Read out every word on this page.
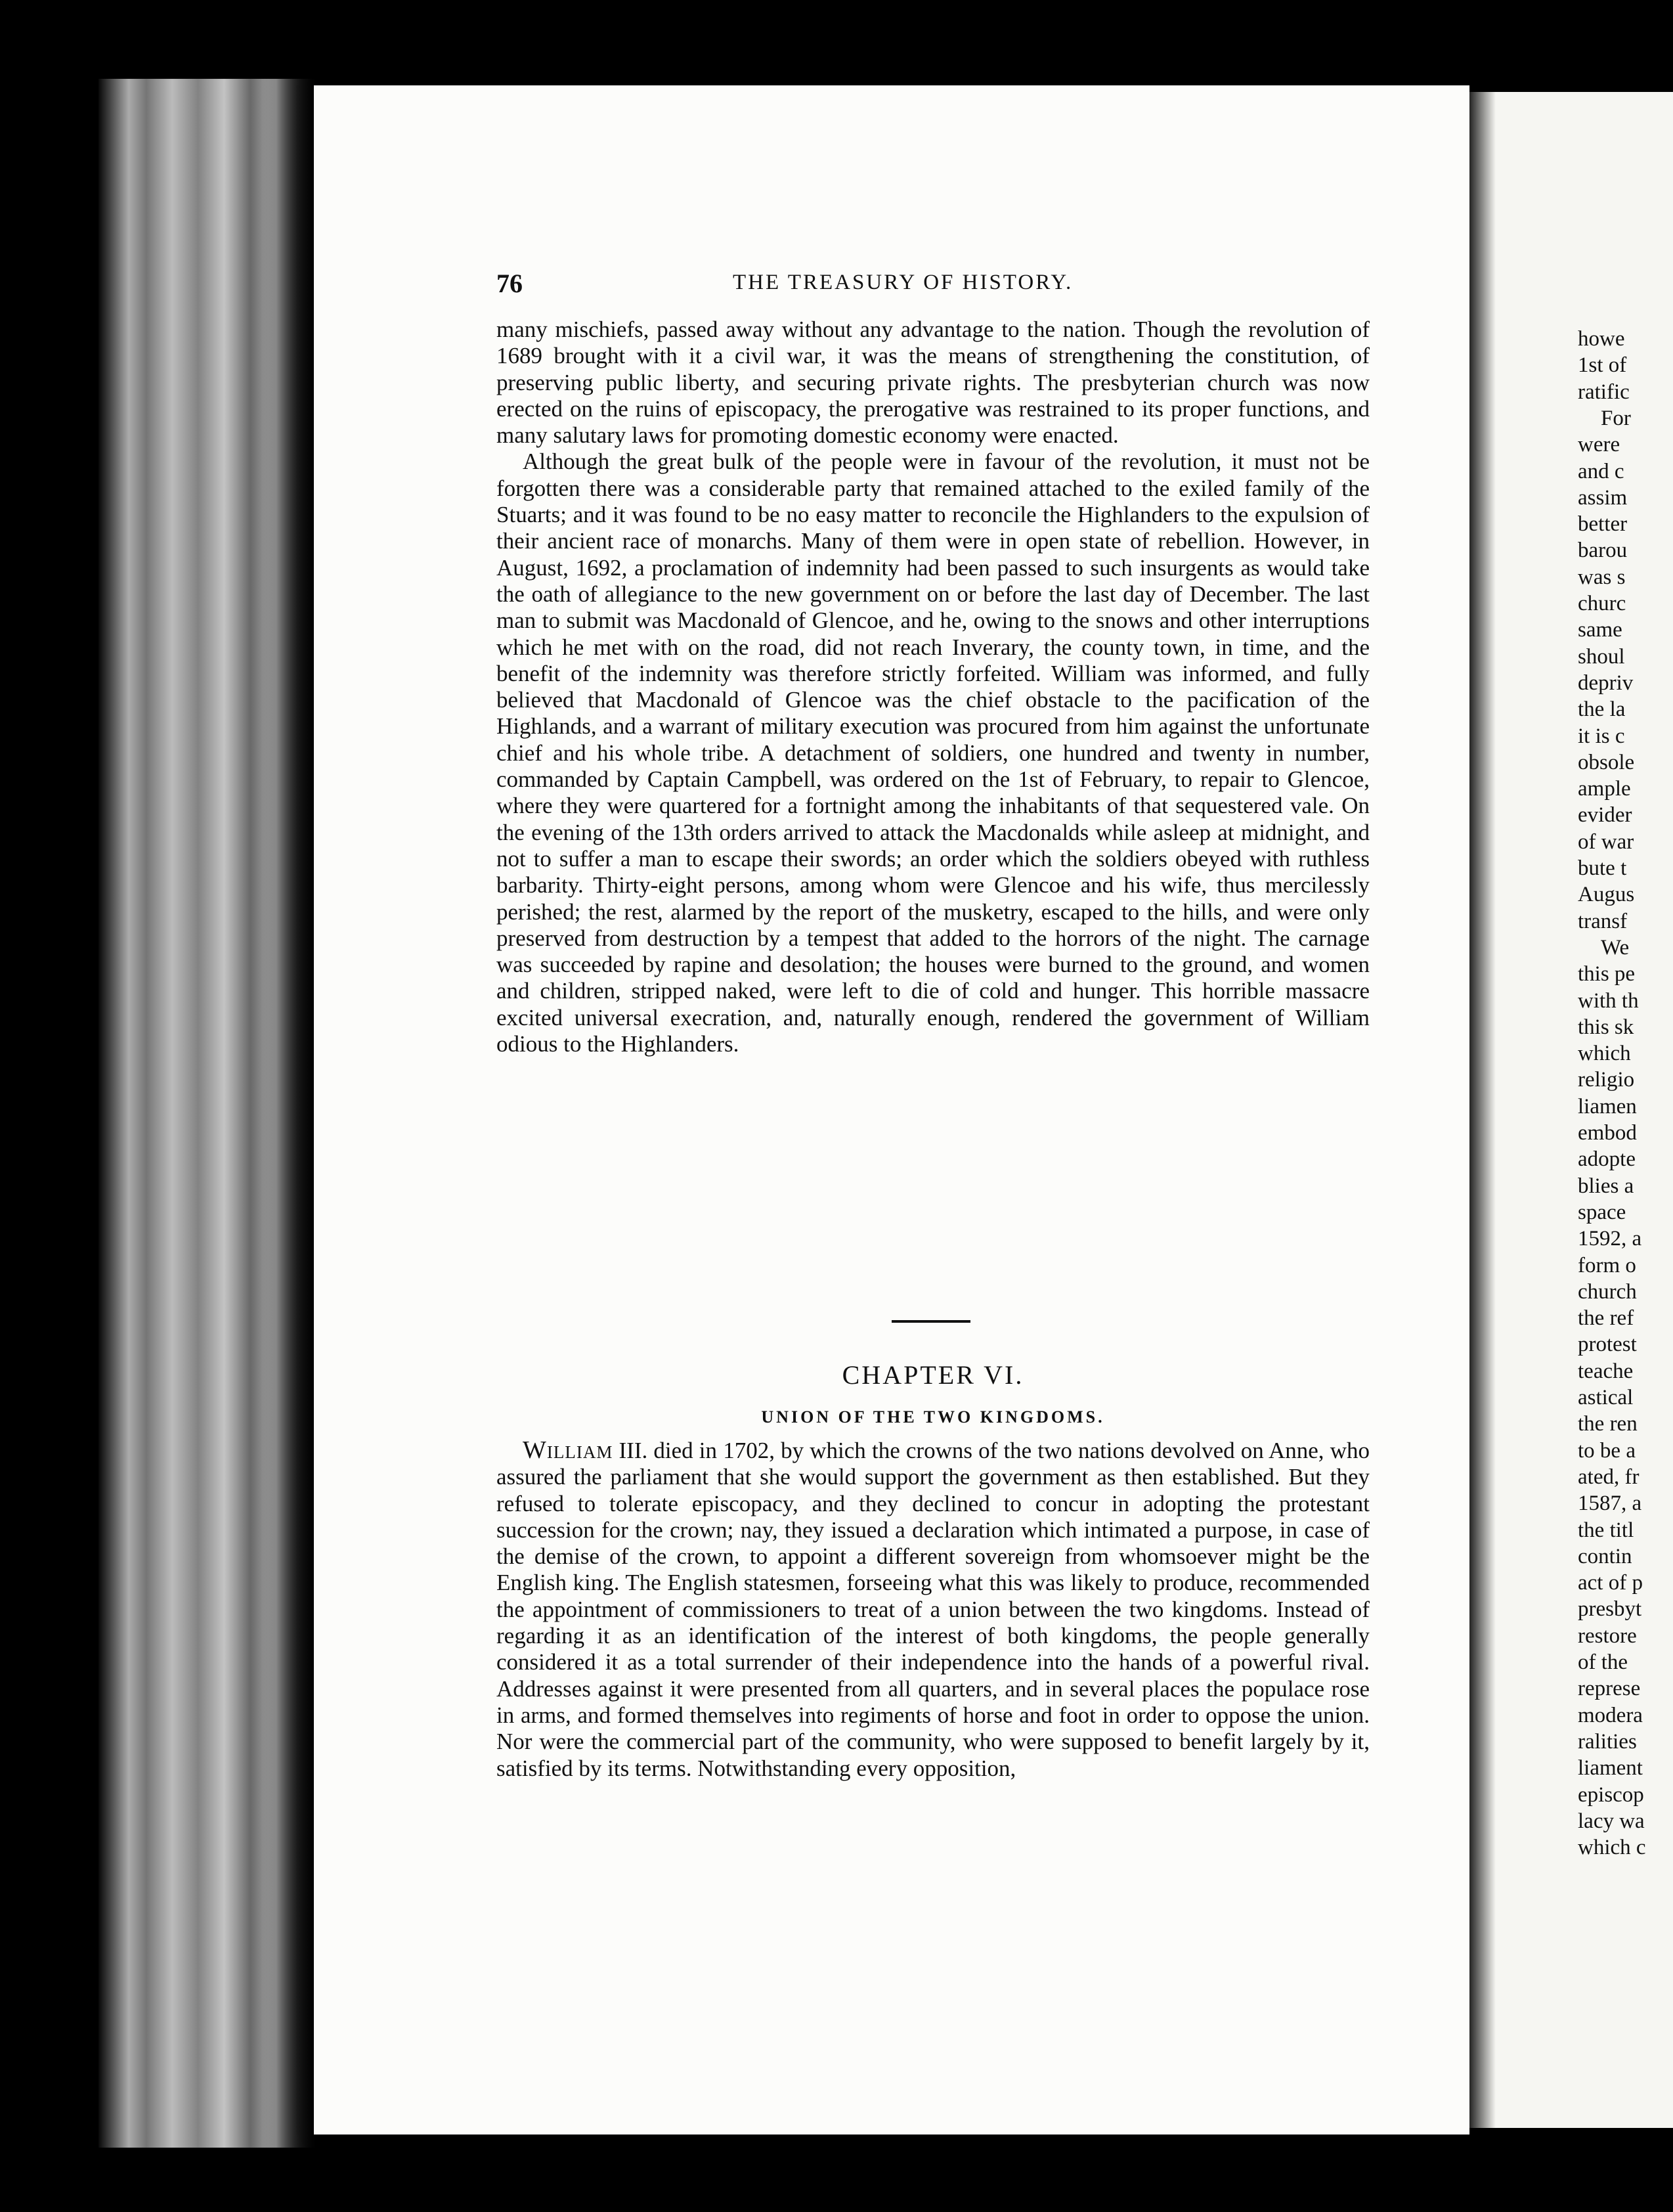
howe
1st of
ratific
For
were
and c
assim
better
barou
was s
churc
same
shoul
depriv
the la
it is c
obsole
ample
evider
of war
bute t
Augus
transf
We
this pe
with th
this sk
which
religio
liamen
embod
adopte
blies a
space
1592, a
form o
church
the ref
protest
teache
astical
the ren
to be a
ated, fr
1587, a
the titl
contin
act of p
presbyt
restore
of the
represe
modera
ralities
liament
episcop
lacy wa
which c
76	THE TREASURY OF HISTORY.

many mischiefs, passed away without any advantage to the nation. Though the revolution of 1689 brought with it a civil war, it was the means of strengthening the constitution, of preserving public liberty, and securing private rights. The presbyterian church was now erected on the ruins of episcopacy, the prerogative was restrained to its proper functions, and many salutary laws for promoting domestic economy were enacted.

Although the great bulk of the people were in favour of the revolution, it must not be forgotten there was a considerable party that remained attached to the exiled family of the Stuarts; and it was found to be no easy matter to reconcile the Highlanders to the expulsion of their ancient race of monarchs. Many of them were in open state of rebellion. However, in August, 1692, a proclamation of indemnity had been passed to such insurgents as would take the oath of allegiance to the new government on or before the last day of December. The last man to submit was Macdonald of Glencoe, and he, owing to the snows and other interruptions which he met with on the road, did not reach Inverary, the county town, in time, and the benefit of the indemnity was therefore strictly forfeited. William was informed, and fully believed that Macdonald of Glencoe was the chief obstacle to the pacification of the Highlands, and a warrant of military execution was procured from him against the unfortunate chief and his whole tribe. A detachment of soldiers, one hundred and twenty in number, commanded by Captain Campbell, was ordered on the 1st of February, to repair to Glencoe, where they were quartered for a fortnight among the inhabitants of that sequestered vale. On the evening of the 13th orders arrived to attack the Macdonalds while asleep at midnight, and not to suffer a man to escape their swords; an order which the soldiers obeyed with ruthless barbarity. Thirty-eight persons, among whom were Glencoe and his wife, thus mercilessly perished; the rest, alarmed by the report of the musketry, escaped to the hills, and were only preserved from destruction by a tempest that added to the horrors of the night. The carnage was succeeded by rapine and desolation; the houses were burned to the ground, and women and children, stripped naked, were left to die of cold and hunger. This horrible massacre excited universal execration, and, naturally enough, rendered the government of William odious to the Highlanders.

CHAPTER VI.
UNION OF THE TWO KINGDOMS.

William III. died in 1702, by which the crowns of the two nations devolved on Anne, who assured the parliament that she would support the government as then established. But they refused to tolerate episcopacy, and they declined to concur in adopting the protestant succession for the crown; nay, they issued a declaration which intimated a purpose, in case of the demise of the crown, to appoint a different sovereign from whomsoever might be the English king. The English statesmen, forseeing what this was likely to produce, recommended the appointment of commissioners to treat of a union between the two kingdoms. Instead of regarding it as an identification of the interest of both kingdoms, the people generally considered it as a total surrender of their independence into the hands of a powerful rival. Addresses against it were presented from all quarters, and in several places the populace rose in arms, and formed themselves into regiments of horse and foot in order to oppose the union. Nor were the commercial part of the community, who were supposed to benefit largely by it, satisfied by its terms. Notwithstanding every opposition,
